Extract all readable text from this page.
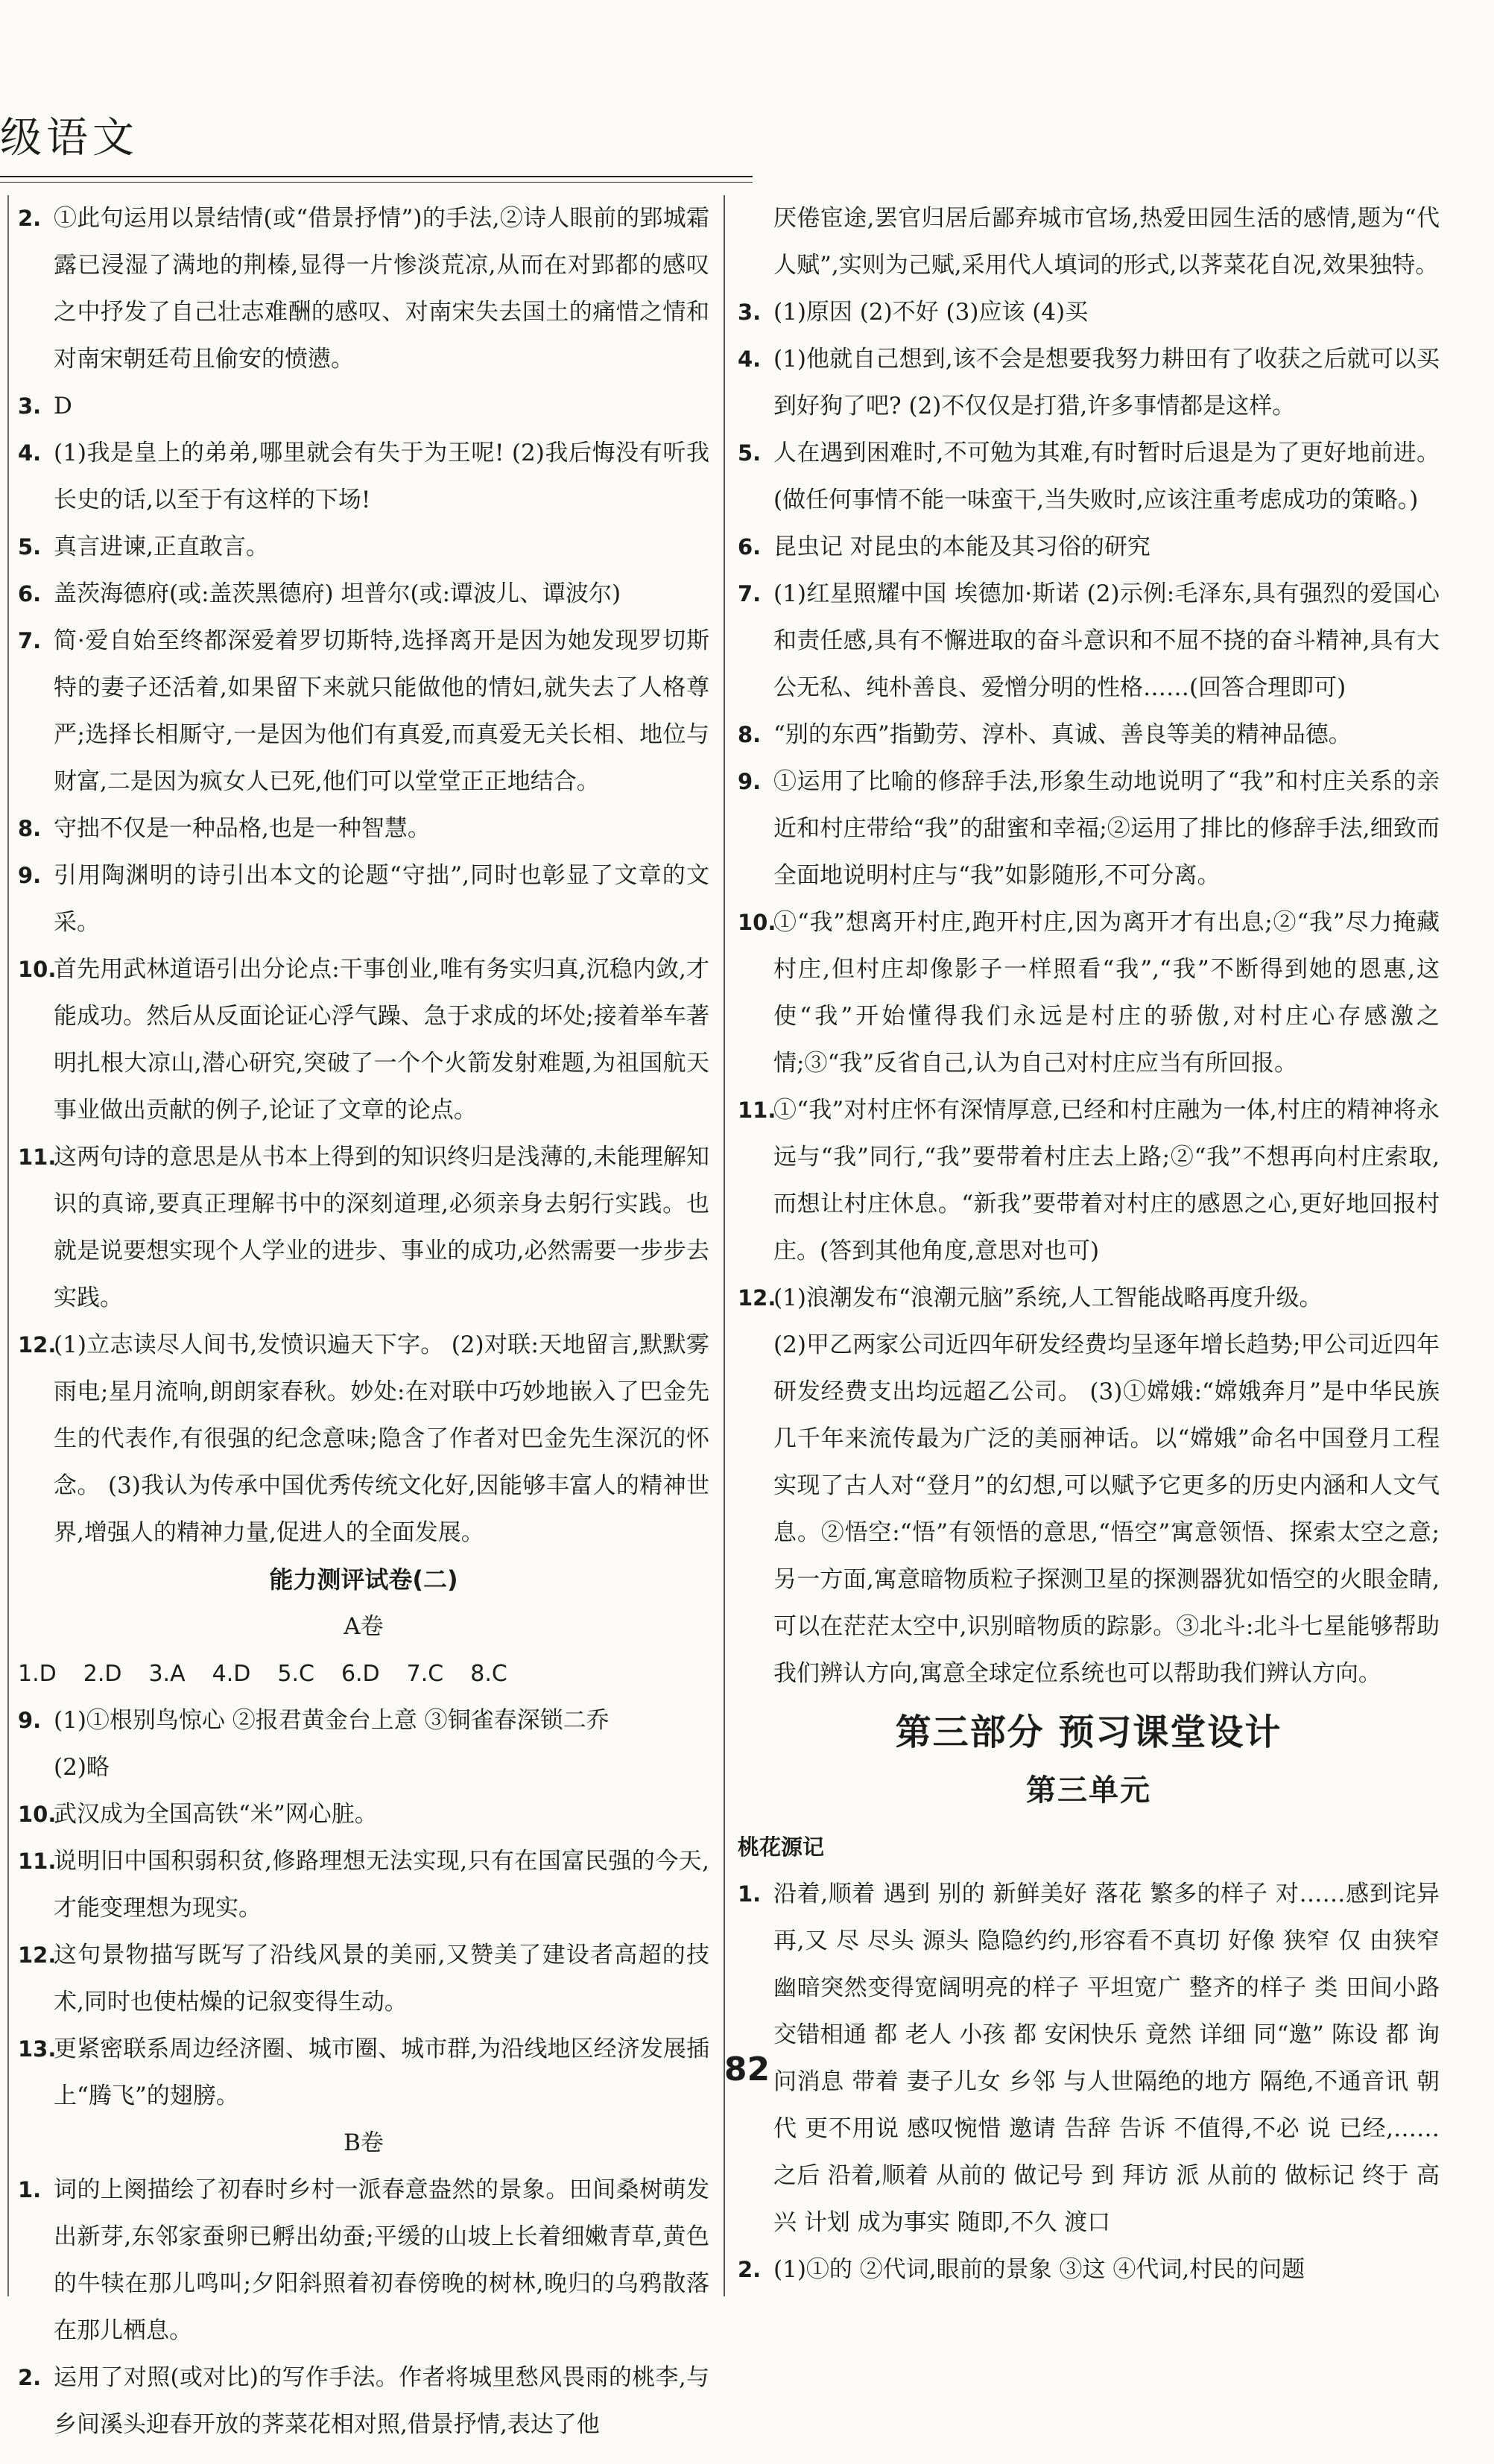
级语文

2. ①此句运用以景结情(或“借景抒情”)的手法,②诗人眼前的郢城霜露已浸湿了满地的荆榛,显得一片惨淡荒凉,从而在对郢都的感叹之中抒发了自己壮志难酬的感叹、对南宋失去国土的痛惜之情和对南宋朝廷苟且偷安的愤懑。

3. D

4. (1)我是皇上的弟弟,哪里就会有失于为王呢! (2)我后悔没有听我长史的话,以至于有这样的下场!

5. 真言进谏,正直敢言。

6. 盖茨海德府(或:盖茨黑德府) 坦普尔(或:谭波儿、谭波尔)

7. 简·爱自始至终都深爱着罗切斯特,选择离开是因为她发现罗切斯特的妻子还活着,如果留下来就只能做他的情妇,就失去了人格尊严;选择长相厮守,一是因为他们有真爱,而真爱无关长相、地位与财富,二是因为疯女人已死,他们可以堂堂正正地结合。

8. 守拙不仅是一种品格,也是一种智慧。

9. 引用陶渊明的诗引出本文的论题“守拙”,同时也彰显了文章的文采。

10.
首先用武林道语引出分论点:干事创业,唯有务实归真,沉稳内敛,才能成功。然后从反面论证心浮气躁、急于求成的坏处;接着举车著明扎根大凉山,潜心研究,突破了一个个火箭发射难题,为祖国航天事业做出贡献的例子,论证了文章的论点。

11.
这两句诗的意思是从书本上得到的知识终归是浅薄的,未能理解知识的真谛,要真正理解书中的深刻道理,必须亲身去躬行实践。也就是说要想实现个人学业的进步、事业的成功,必然需要一步步去实践。

12.
(1)立志读尽人间书,发愤识遍天下字。 (2)对联:天地留言,默默雾雨电;星月流响,朗朗家春秋。妙处:在对联中巧妙地嵌入了巴金先生的代表作,有很强的纪念意味;隐含了作者对巴金先生深沉的怀念。 (3)我认为传承中国优秀传统文化好,因能够丰富人的精神世界,增强人的精神力量,促进人的全面发展。

能力测评试卷(二)

A卷

1.D 2.D 3.A 4.D 5.C 6.D 7.C 8.C

9. (1)①根别鸟惊心 ②报君黄金台上意 ③铜雀春深锁二乔

(2)略

10.
武汉成为全国高铁“米”网心脏。

11.
说明旧中国积弱积贫,修路理想无法实现,只有在国富民强的今天,才能变理想为现实。

12.
这句景物描写既写了沿线风景的美丽,又赞美了建设者高超的技术,同时也使枯燥的记叙变得生动。

13.
更紧密联系周边经济圈、城市圈、城市群,为沿线地区经济发展插上“腾飞”的翅膀。

B卷

1. 词的上阕描绘了初春时乡村一派春意盎然的景象。田间桑树萌发出新芽,东邻家蚕卵已孵出幼蚕;平缓的山坡上长着细嫩青草,黄色的牛犊在那儿鸣叫;夕阳斜照着初春傍晚的树林,晚归的乌鸦散落在那儿栖息。

2. 运用了对照(或对比)的写作手法。作者将城里愁风畏雨的桃李,与乡间溪头迎春开放的荠菜花相对照,借景抒情,表达了他

厌倦宦途,罢官归居后鄙弃城市官场,热爱田园生活的感情,题为“代人赋”,实则为己赋,采用代人填词的形式,以荠菜花自况,效果独特。

3. (1)原因 (2)不好 (3)应该 (4)买

4. (1)他就自己想到,该不会是想要我努力耕田有了收获之后就可以买到好狗了吧? (2)不仅仅是打猎,许多事情都是这样。

5. 人在遇到困难时,不可勉为其难,有时暂时后退是为了更好地前进。(做任何事情不能一味蛮干,当失败时,应该注重考虑成功的策略。)

6. 昆虫记 对昆虫的本能及其习俗的研究

7. (1)红星照耀中国 埃德加·斯诺 (2)示例:毛泽东,具有强烈的爱国心和责任感,具有不懈进取的奋斗意识和不屈不挠的奋斗精神,具有大公无私、纯朴善良、爱憎分明的性格……(回答合理即可)

8. “别的东西”指勤劳、淳朴、真诚、善良等美的精神品德。

9. ①运用了比喻的修辞手法,形象生动地说明了“我”和村庄关系的亲近和村庄带给“我”的甜蜜和幸福;②运用了排比的修辞手法,细致而全面地说明村庄与“我”如影随形,不可分离。

10.
①“我”想离开村庄,跑开村庄,因为离开才有出息;②“我”尽力掩藏村庄,但村庄却像影子一样照看“我”,“我”不断得到她的恩惠,这使“我”开始懂得我们永远是村庄的骄傲,对村庄心存感激之情;③“我”反省自己,认为自己对村庄应当有所回报。

11.
①“我”对村庄怀有深情厚意,已经和村庄融为一体,村庄的精神将永远与“我”同行,“我”要带着村庄去上路;②“我”不想再向村庄索取,而想让村庄休息。“新我”要带着对村庄的感恩之心,更好地回报村庄。(答到其他角度,意思对也可)

12.
(1)浪潮发布“浪潮元脑”系统,人工智能战略再度升级。

(2)甲乙两家公司近四年研发经费均呈逐年增长趋势;甲公司近四年研发经费支出均远超乙公司。 (3)①嫦娥:“嫦娥奔月”是中华民族几千年来流传最为广泛的美丽神话。以“嫦娥”命名中国登月工程实现了古人对“登月”的幻想,可以赋予它更多的历史内涵和人文气息。②悟空:“悟”有领悟的意思,“悟空”寓意领悟、探索太空之意;另一方面,寓意暗物质粒子探测卫星的探测器犹如悟空的火眼金睛,可以在茫茫太空中,识别暗物质的踪影。③北斗:北斗七星能够帮助我们辨认方向,寓意全球定位系统也可以帮助我们辨认方向。

第三部分 预习课堂设计

第三单元

桃花源记

1. 沿着,顺着 遇到 别的 新鲜美好 落花 繁多的样子 对……感到诧异 再,又 尽 尽头 源头 隐隐约约,形容看不真切 好像 狭窄 仅 由狭窄幽暗突然变得宽阔明亮的样子 平坦宽广 整齐的样子 类 田间小路 交错相通 都 老人 小孩 都 安闲快乐 竟然 详细 同“邀” 陈设 都 询问消息 带着 妻子儿女 乡邻 与人世隔绝的地方 隔绝,不通音讯 朝代 更不用说 感叹惋惜 邀请 告辞 告诉 不值得,不必 说 已经,……之后 沿着,顺着 从前的 做记号 到 拜访 派 从前的 做标记 终于 高兴 计划 成为事实 随即,不久 渡口

2. (1)①的 ②代词,眼前的景象 ③这 ④代词,村民的问题

82
